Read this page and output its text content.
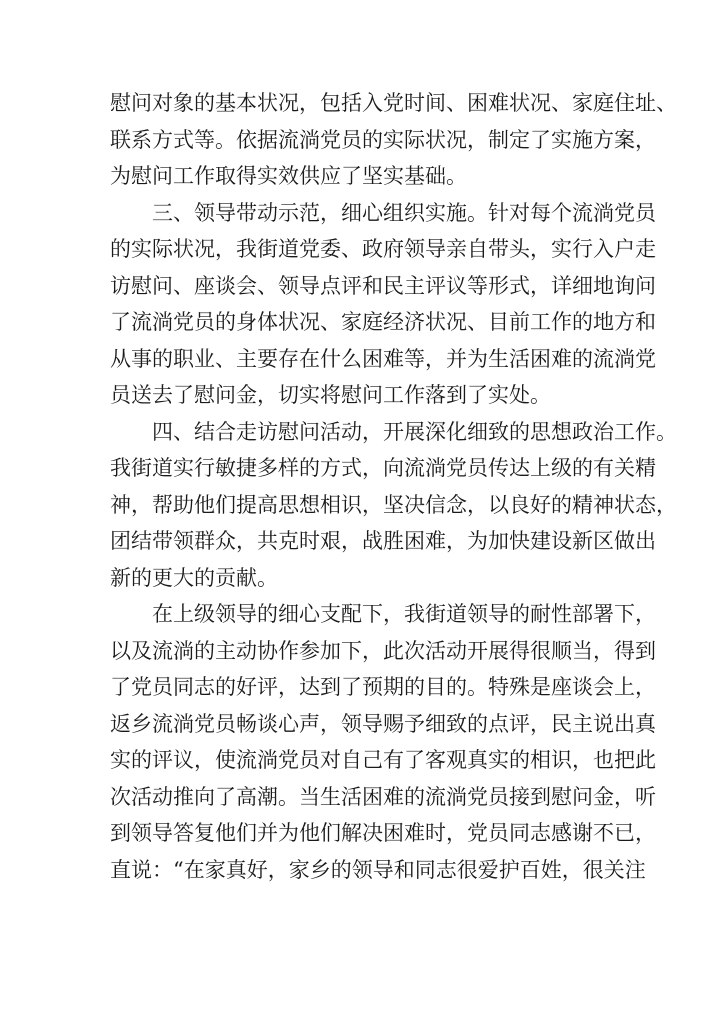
慰问对象的基本状况，包括入党时间、困难状况、家庭住址、
联系方式等。依据流淌党员的实际状况，制定了实施方案，
为慰问工作取得实效供应了坚实基础。
三、领导带动示范，细心组织实施。针对每个流淌党员
的实际状况，我街道党委、政府领导亲自带头，实行入户走
访慰问、座谈会、领导点评和民主评议等形式，详细地询问
了流淌党员的身体状况、家庭经济状况、目前工作的地方和
从事的职业、主要存在什么困难等，并为生活困难的流淌党
员送去了慰问金，切实将慰问工作落到了实处。
四、结合走访慰问活动，开展深化细致的思想政治工作。
我街道实行敏捷多样的方式，向流淌党员传达上级的有关精
神，帮助他们提高思想相识，坚决信念，以良好的精神状态，
团结带领群众，共克时艰，战胜困难，为加快建设新区做出
新的更大的贡献。
在上级领导的细心支配下，我街道领导的耐性部署下，
以及流淌的主动协作参加下，此次活动开展得很顺当，得到
了党员同志的好评，达到了预期的目的。特殊是座谈会上，
返乡流淌党员畅谈心声，领导赐予细致的点评，民主说出真
实的评议，使流淌党员对自己有了客观真实的相识，也把此
次活动推向了高潮。当生活困难的流淌党员接到慰问金，听
到领导答复他们并为他们解决困难时，党员同志感谢不已，
直说：“在家真好，家乡的领导和同志很爱护百姓，很关注
